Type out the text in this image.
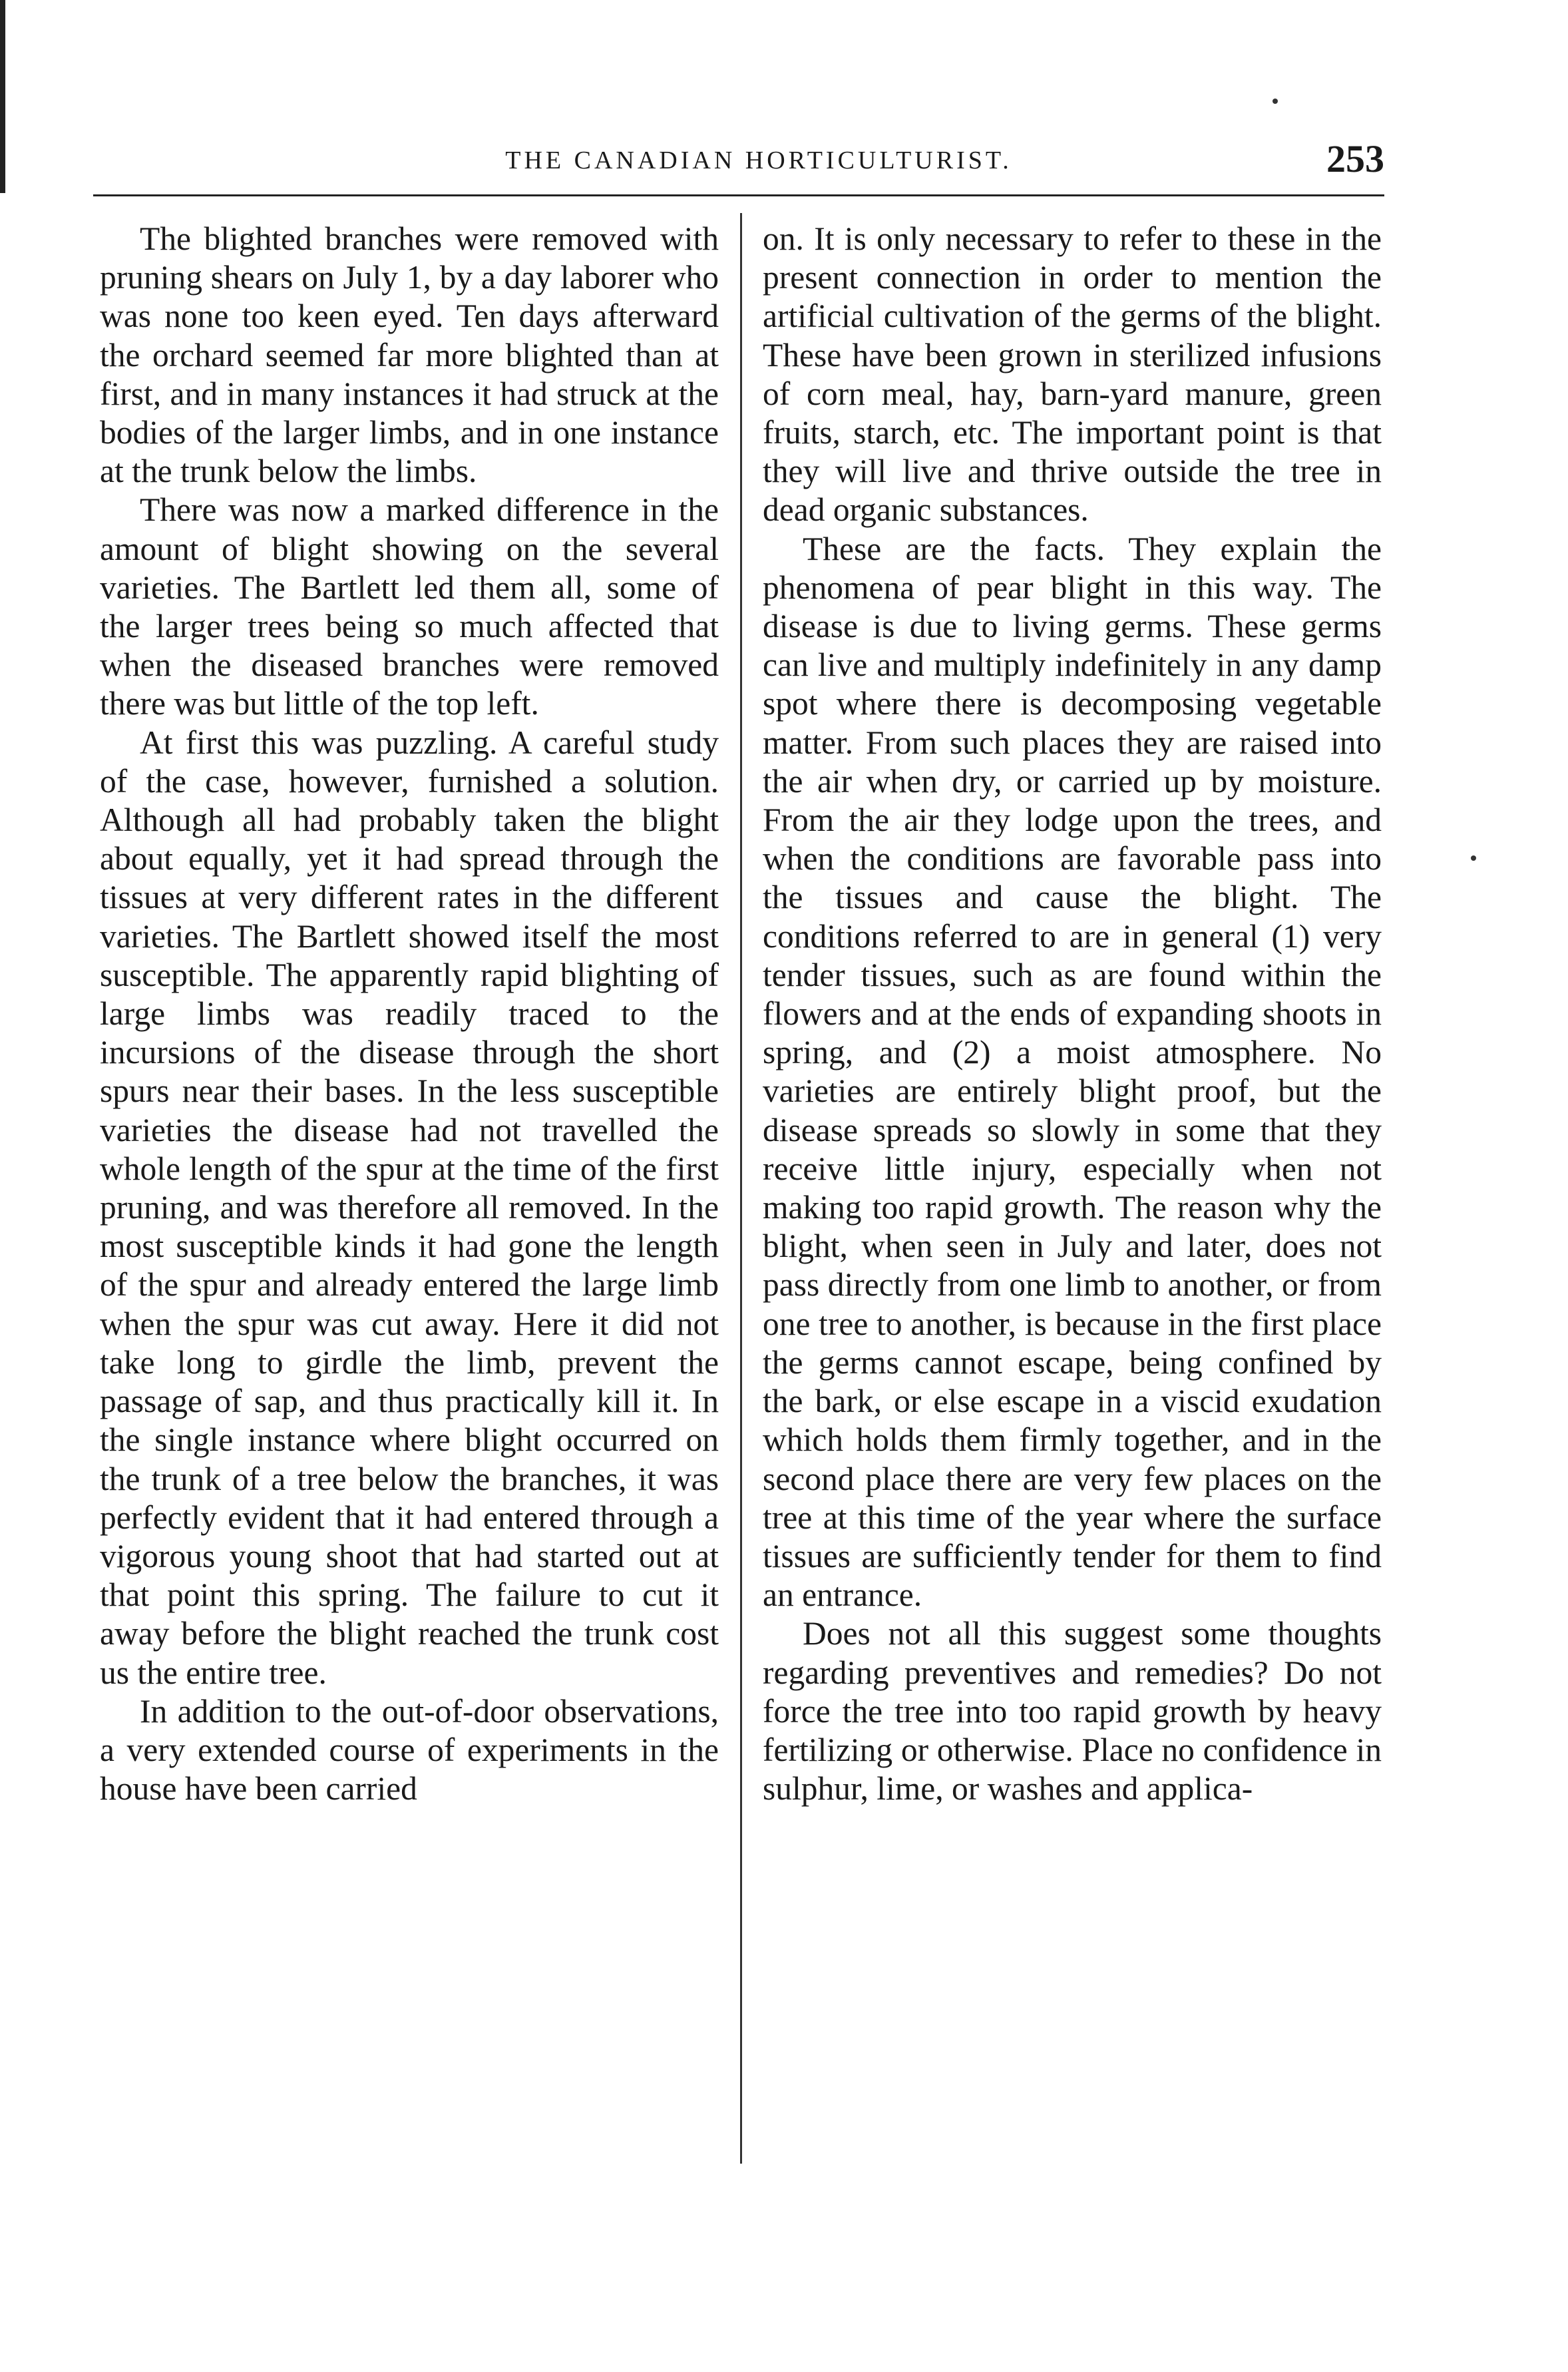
THE CANADIAN HORTICULTURIST.	253

The blighted branches were removed with pruning shears on July 1, by a day laborer who was none too keen eyed. Ten days afterward the orchard seemed far more blighted than at first, and in many instances it had struck at the bodies of the larger limbs, and in one instance at the trunk below the limbs.

There was now a marked difference in the amount of blight showing on the several varieties. The Bartlett led them all, some of the larger trees being so much affected that when the diseased branches were removed there was but little of the top left.

At first this was puzzling. A careful study of the case, however, furnished a solution. Although all had probably taken the blight about equally, yet it had spread through the tissues at very different rates in the different varieties. The Bartlett showed itself the most susceptible. The apparently rapid blighting of large limbs was readily traced to the incursions of the disease through the short spurs near their bases. In the less susceptible varieties the disease had not travelled the whole length of the spur at the time of the first pruning, and was therefore all removed. In the most susceptible kinds it had gone the length of the spur and already entered the large limb when the spur was cut away. Here it did not take long to girdle the limb, prevent the passage of sap, and thus practically kill it. In the single instance where blight occurred on the trunk of a tree below the branches, it was perfectly evident that it had entered through a vigorous young shoot that had started out at that point this spring. The failure to cut it away before the blight reached the trunk cost us the entire tree.

In addition to the out-of-door observations, a very extended course of experiments in the house have been carried

on. It is only necessary to refer to these in the present connection in order to mention the artificial cultivation of the germs of the blight. These have been grown in sterilized infusions of corn meal, hay, barn-yard manure, green fruits, starch, etc. The important point is that they will live and thrive outside the tree in dead organic substances.

These are the facts. They explain the phenomena of pear blight in this way. The disease is due to living germs. These germs can live and multiply indefinitely in any damp spot where there is decomposing vegetable matter. From such places they are raised into the air when dry, or carried up by moisture. From the air they lodge upon the trees, and when the conditions are favorable pass into the tissues and cause the blight. The conditions referred to are in general (1) very tender tissues, such as are found within the flowers and at the ends of expanding shoots in spring, and (2) a moist atmosphere. No varieties are entirely blight proof, but the disease spreads so slowly in some that they receive little injury, especially when not making too rapid growth. The reason why the blight, when seen in July and later, does not pass directly from one limb to another, or from one tree to another, is because in the first place the germs cannot escape, being confined by the bark, or else escape in a viscid exudation which holds them firmly together, and in the second place there are very few places on the tree at this time of the year where the surface tissues are sufficiently tender for them to find an entrance.

Does not all this suggest some thoughts regarding preventives and remedies? Do not force the tree into too rapid growth by heavy fertilizing or otherwise. Place no confidence in sulphur, lime, or washes and applica-
